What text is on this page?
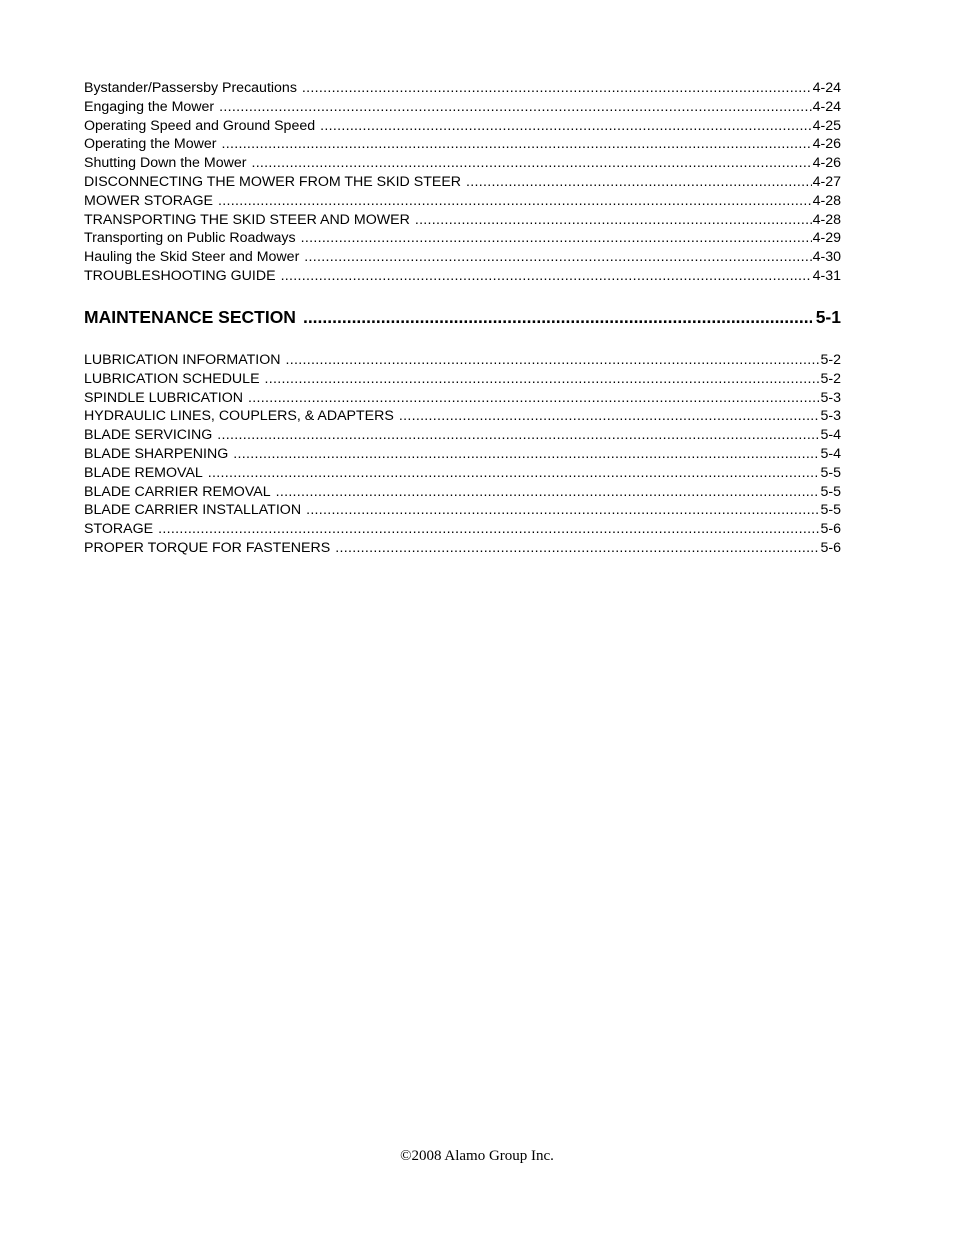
Bystander/Passersby Precautions .....	4-24
Engaging the Mower .....	4-24
Operating Speed and Ground Speed .....	4-25
Operating the Mower .....	4-26
Shutting Down the Mower .....	4-26
DISCONNECTING THE MOWER FROM THE SKID STEER .....	4-27
MOWER STORAGE .....	4-28
TRANSPORTING THE SKID STEER AND MOWER .....	4-28
Transporting on Public Roadways .....	4-29
Hauling the Skid Steer and Mower .....	4-30
TROUBLESHOOTING GUIDE .....	4-31
MAINTENANCE SECTION .....	5-1
LUBRICATION INFORMATION .....	5-2
LUBRICATION SCHEDULE .....	5-2
SPINDLE LUBRICATION .....	5-3
HYDRAULIC LINES, COUPLERS, & ADAPTERS .....	5-3
BLADE SERVICING .....	5-4
BLADE SHARPENING .....	5-4
BLADE REMOVAL .....	5-5
BLADE CARRIER REMOVAL .....	5-5
BLADE CARRIER INSTALLATION .....	5-5
STORAGE .....	5-6
PROPER TORQUE FOR FASTENERS .....	5-6
©2008 Alamo Group Inc.
